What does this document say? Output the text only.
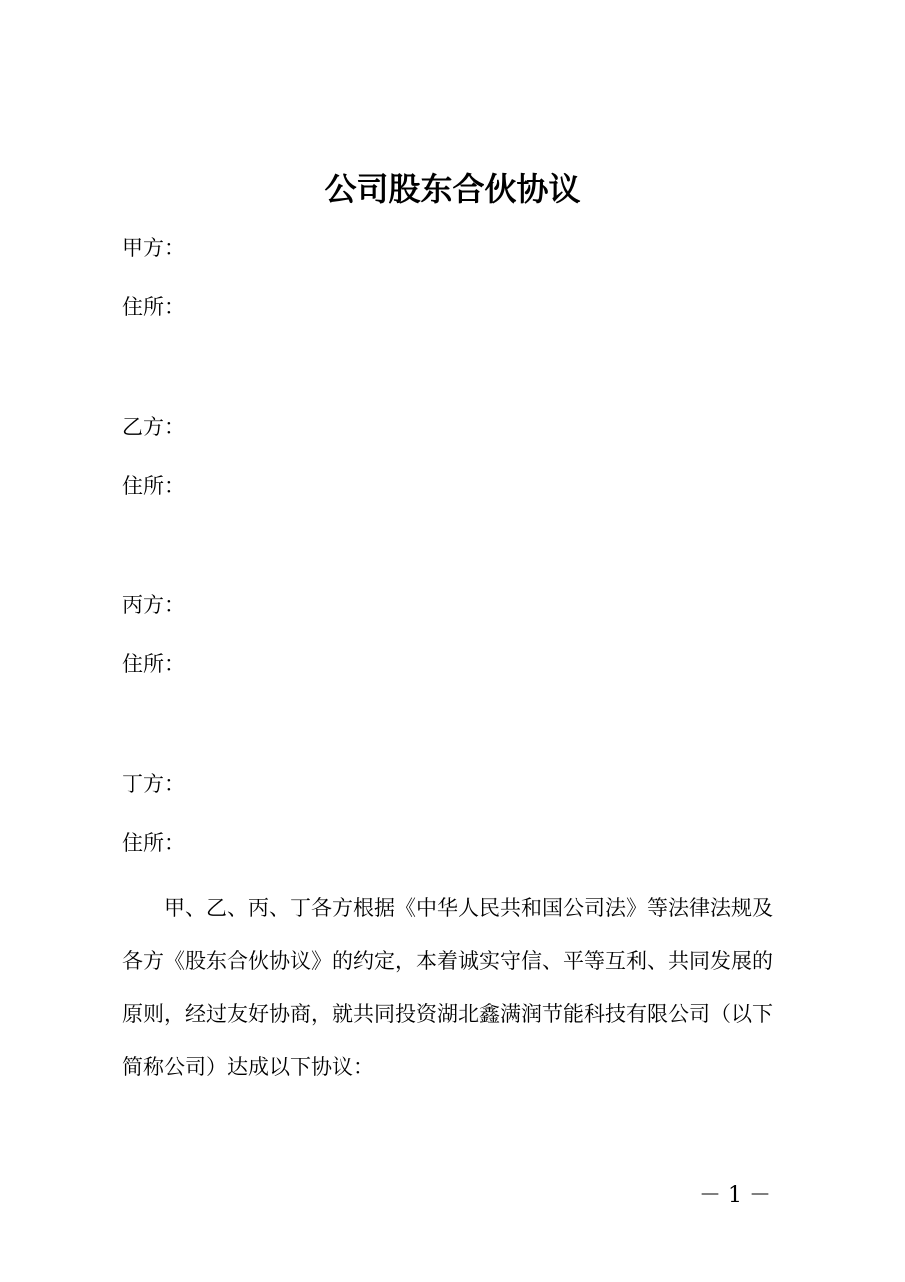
公司股东合伙协议
甲方：
住所：
乙方：
住所：
丙方：
住所：
丁方：
住所：
　　甲、乙、丙、丁各方根据《中华人民共和国公司法》等法律法规及
各方《股东合伙协议》的约定，本着诚实守信、平等互利、共同发展的
原则，经过友好协商，就共同投资湖北鑫满润节能科技有限公司（以下
简称公司）达成以下协议：
－ 1 －
